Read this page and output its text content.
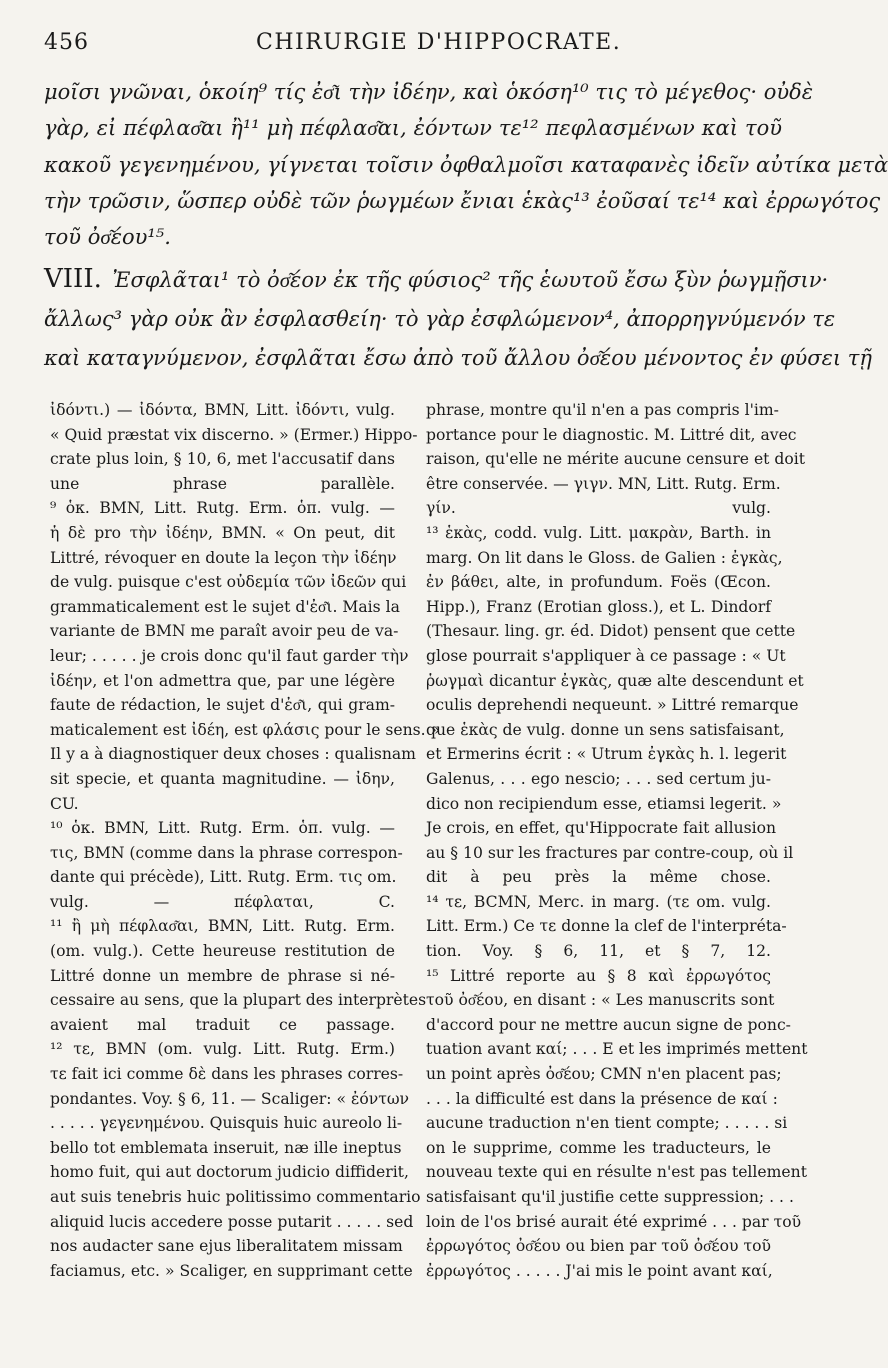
456	CHIRURGIE D'HIPPOCRATE.
μοῖσι γνῶναι, ὁκοίη⁹ τίς ἐσ͂ι τὴν ἰδέην, καὶ ὁκόση¹⁰ τις τὸ μέγεθος· οὐδὲ
γὰρ, εἰ πέφλασ͂αι ἢ¹¹ μὴ πέφλασ͂αι, ἐόντων τε¹² πεφλασμένων καὶ τοῦ
κακοῦ γεγενημένου, γίγνεται τοῖσιν ὀφθαλμοῖσι καταφανὲς ἰδεῖν αὐτίκα μετὰ
τὴν τρῶσιν, ὥσπερ οὐδὲ τῶν ῥωγμέων ἔνιαι ἑκὰς¹³ ἐοῦσαί τε¹⁴ καὶ ἐρρωγότος
τοῦ ὀσ͂έου¹⁵.
VIII. Ἐσφλᾶται¹ τὸ ὀσ͂έον ἐκ τῆς φύσιος² τῆς ἑωυτοῦ ἔσω ξὺν ῥωγμῇσιν·
ἄλλως³ γὰρ οὐκ ἂν ἐσφλασθείη· τὸ γὰρ ἐσφλώμενον⁴, ἀπορρηγνύμενόν τε
καὶ καταγνύμενον, ἐσφλᾶται ἔσω ἀπὸ τοῦ ἄλλου ὀσ͂έου μένοντος ἐν φύσει τῇ
ἰδόντι.) — ἰδόντα, BMN, Litt. ἰδόντι, vulg.
« Quid præstat vix discerno. » (Ermer.) Hippo-
crate plus loin, § 10, 6, met l'accusatif dans
une phrase parallèle.
⁹ ὁκ. BMN, Litt. Rutg. Erm. ὁπ. vulg. —
ἡ δὲ pro τὴν ἰδέην, BMN. « On peut, dit
Littré, révoquer en doute la leçon τὴν ἰδέην
de vulg. puisque c'est οὐδεμία τῶν ἰδεῶν qui
grammaticalement est le sujet d'ἐσ͂ι. Mais la
variante de BMN me paraît avoir peu de va-
leur; . . . . . je crois donc qu'il faut garder τὴν
ἰδέην, et l'on admettra que, par une légère
faute de rédaction, le sujet d'ἐσ͂ι, qui gram-
maticalement est ἰδέη, est φλάσις pour le sens. »
Il y a à diagnostiquer deux choses : qualisnam
sit specie, et quanta magnitudine. — ἰδην,
CU.
¹⁰ ὁκ. BMN, Litt. Rutg. Erm. ὁπ. vulg. —
τις, BMN (comme dans la phrase correspon-
dante qui précède), Litt. Rutg. Erm. τις om.
vulg. — πέφλαται, C.
¹¹ ἢ μὴ πέφλασ͂αι, BMN, Litt. Rutg. Erm.
(om. vulg.). Cette heureuse restitution de
Littré donne un membre de phrase si né-
cessaire au sens, que la plupart des interprètes
avaient mal traduit ce passage.
¹² τε, BMN (om. vulg. Litt. Rutg. Erm.)
τε fait ici comme δὲ dans les phrases corres-
pondantes. Voy. § 6, 11. — Scaliger: « ἐόντων
. . . . . γεγενημένου. Quisquis huic aureolo li-
bello tot emblemata inseruit, næ ille ineptus
homo fuit, qui aut doctorum judicio diffiderit,
aut suis tenebris huic politissimo commentario
aliquid lucis accedere posse putarit . . . . . sed
nos audacter sane ejus liberalitatem missam
faciamus, etc. » Scaliger, en supprimant cette
phrase, montre qu'il n'en a pas compris l'im-
portance pour le diagnostic. M. Littré dit, avec
raison, qu'elle ne mérite aucune censure et doit
être conservée. — γιγν. MN, Litt. Rutg. Erm.
γίν. vulg.
¹³ ἑκὰς, codd. vulg. Litt. μακρὰν, Barth. in
marg. On lit dans le Gloss. de Galien : ἐγκὰς,
ἐν βάθει, alte, in profundum. Foës (Œcon.
Hipp.), Franz (Erotian gloss.), et L. Dindorf
(Thesaur. ling. gr. éd. Didot) pensent que cette
glose pourrait s'appliquer à ce passage : « Ut
ῥωγμαὶ dicantur ἐγκὰς, quæ alte descendunt et
oculis deprehendi nequeunt. » Littré remarque
que ἑκὰς de vulg. donne un sens satisfaisant,
et Ermerins écrit : « Utrum ἐγκὰς h. l. legerit
Galenus, . . . ego nescio; . . . sed certum ju-
dico non recipiendum esse, etiamsi legerit. »
Je crois, en effet, qu'Hippocrate fait allusion
au § 10 sur les fractures par contre-coup, où il
dit à peu près la même chose.
¹⁴ τε, BCMN, Merc. in marg. (τε om. vulg.
Litt. Erm.) Ce τε donne la clef de l'interpréta-
tion. Voy. § 6, 11, et § 7, 12.
¹⁵ Littré reporte au § 8 καὶ ἐρρωγότος
τοῦ ὀσ͂έου, en disant : « Les manuscrits sont
d'accord pour ne mettre aucun signe de ponc-
tuation avant καί; . . . E et les imprimés mettent
un point après ὀσ͂έου; CMN n'en placent pas;
. . . la difficulté est dans la présence de καί :
aucune traduction n'en tient compte; . . . . . si
on le supprime, comme les traducteurs, le
nouveau texte qui en résulte n'est pas tellement
satisfaisant qu'il justifie cette suppression; . . .
loin de l'os brisé aurait été exprimé . . . par τοῦ
ἐρρωγότος ὀσ͂έου ou bien par τοῦ ὀσ͂έου τοῦ
ἐρρωγότος . . . . . J'ai mis le point avant καί,
